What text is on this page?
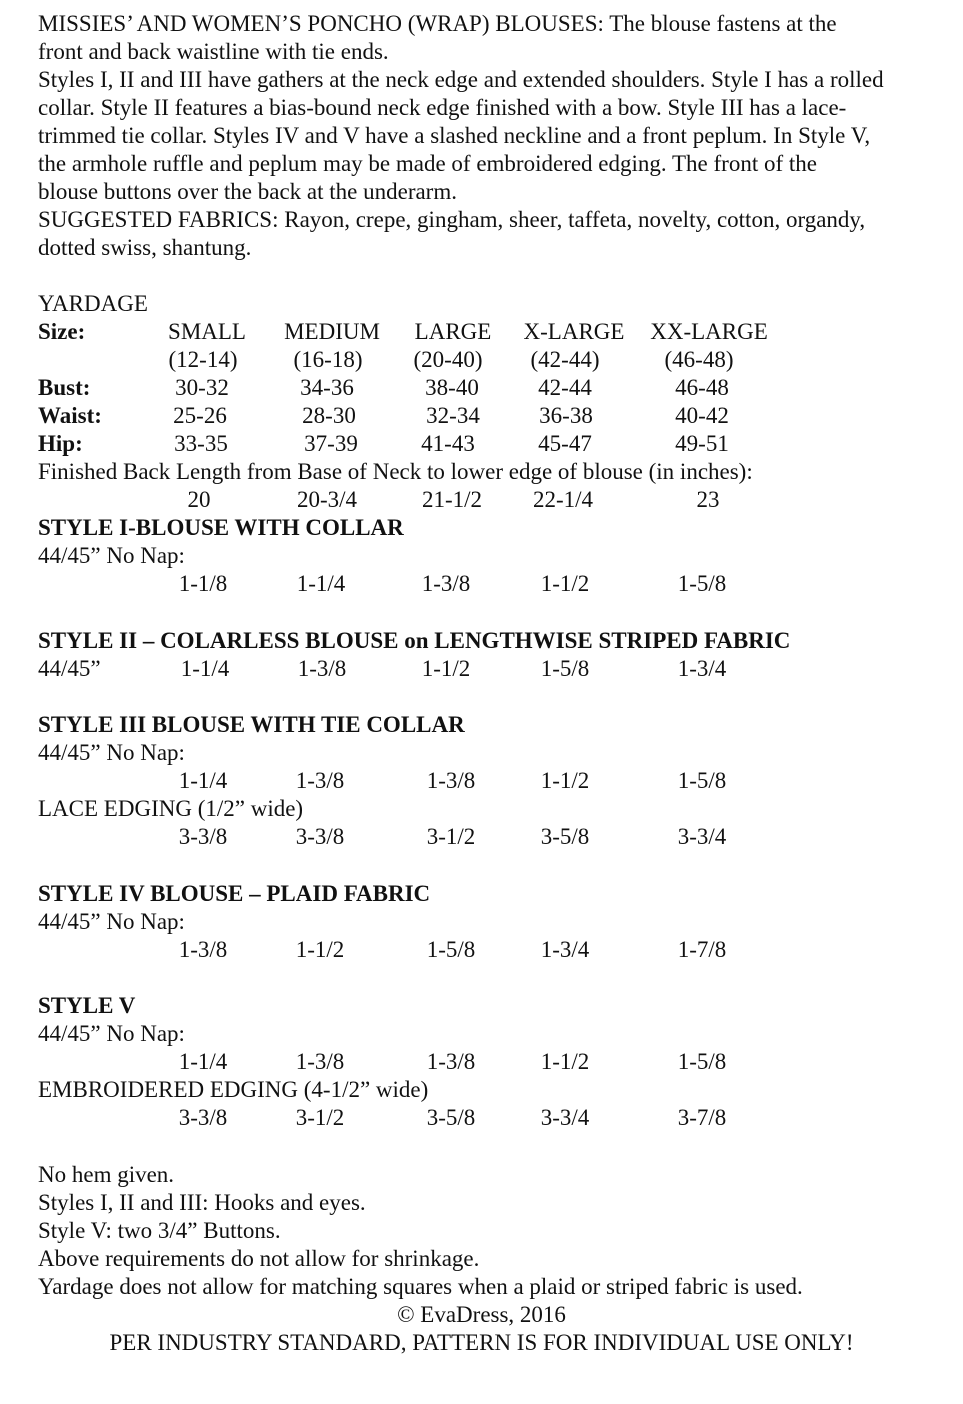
MISSIES’ AND WOMEN’S PONCHO (WRAP) BLOUSES: The blouse fastens at the
front and back waistline with tie ends.
Styles I, II and III have gathers at the neck edge and extended shoulders. Style I has a rolled
collar. Style II features a bias-bound neck edge finished with a bow. Style III has a lace-
trimmed tie collar. Styles IV and V have a slashed neckline and a front peplum. In Style V,
the armhole ruffle and peplum may be made of embroidered edging. The front of the
blouse buttons over the back at the underarm.
SUGGESTED FABRICS: Rayon, crepe, gingham, sheer, taffeta, novelty, cotton, organdy,
dotted swiss, shantung.
YARDAGE
Size:	SMALL MEDIUM LARGE X-LARGE XX-LARGE
(12-14) (16-18) (20-40) (42-44)	(46-48)
Bust:	30-32	34-36	38-40	42-44	46-48
Waist:	25-26	28-30	32-34	36-38	40-42
Hip:	33-35	37-39	41-43	45-47	49-51
Finished Back Length from Base of Neck to lower edge of blouse (in inches):
20	20-3/4	21-1/2 22-1/4	23
STYLE I-BLOUSE WITH COLLAR
44/45” No Nap:
1-1/8	1-1/4	1-3/8	1-1/2	1-5/8
STYLE II – COLARLESS BLOUSE on LENGTHWISE STRIPED FABRIC
44/45”	1-1/4	1-3/8	1-1/2	1-5/8	1-3/4
STYLE III BLOUSE WITH TIE COLLAR
44/45” No Nap:
1-1/4	1-3/8	1-3/8	1-1/2	1-5/8
LACE EDGING (1/2” wide)
3-3/8	3-3/8	3-1/2	3-5/8	3-3/4
STYLE IV BLOUSE – PLAID FABRIC
44/45” No Nap:
1-3/8	1-1/2	1-5/8	1-3/4	1-7/8
STYLE V
44/45” No Nap:
1-1/4	1-3/8	1-3/8	1-1/2	1-5/8
EMBROIDERED EDGING (4-1/2” wide)
3-3/8	3-1/2	3-5/8	3-3/4	3-7/8
No hem given.
Styles I, II and III: Hooks and eyes.
Style V: two 3/4” Buttons.
Above requirements do not allow for shrinkage.
Yardage does not allow for matching squares when a plaid or striped fabric is used.
© EvaDress, 2016
PER INDUSTRY STANDARD, PATTERN IS FOR INDIVIDUAL USE ONLY!
